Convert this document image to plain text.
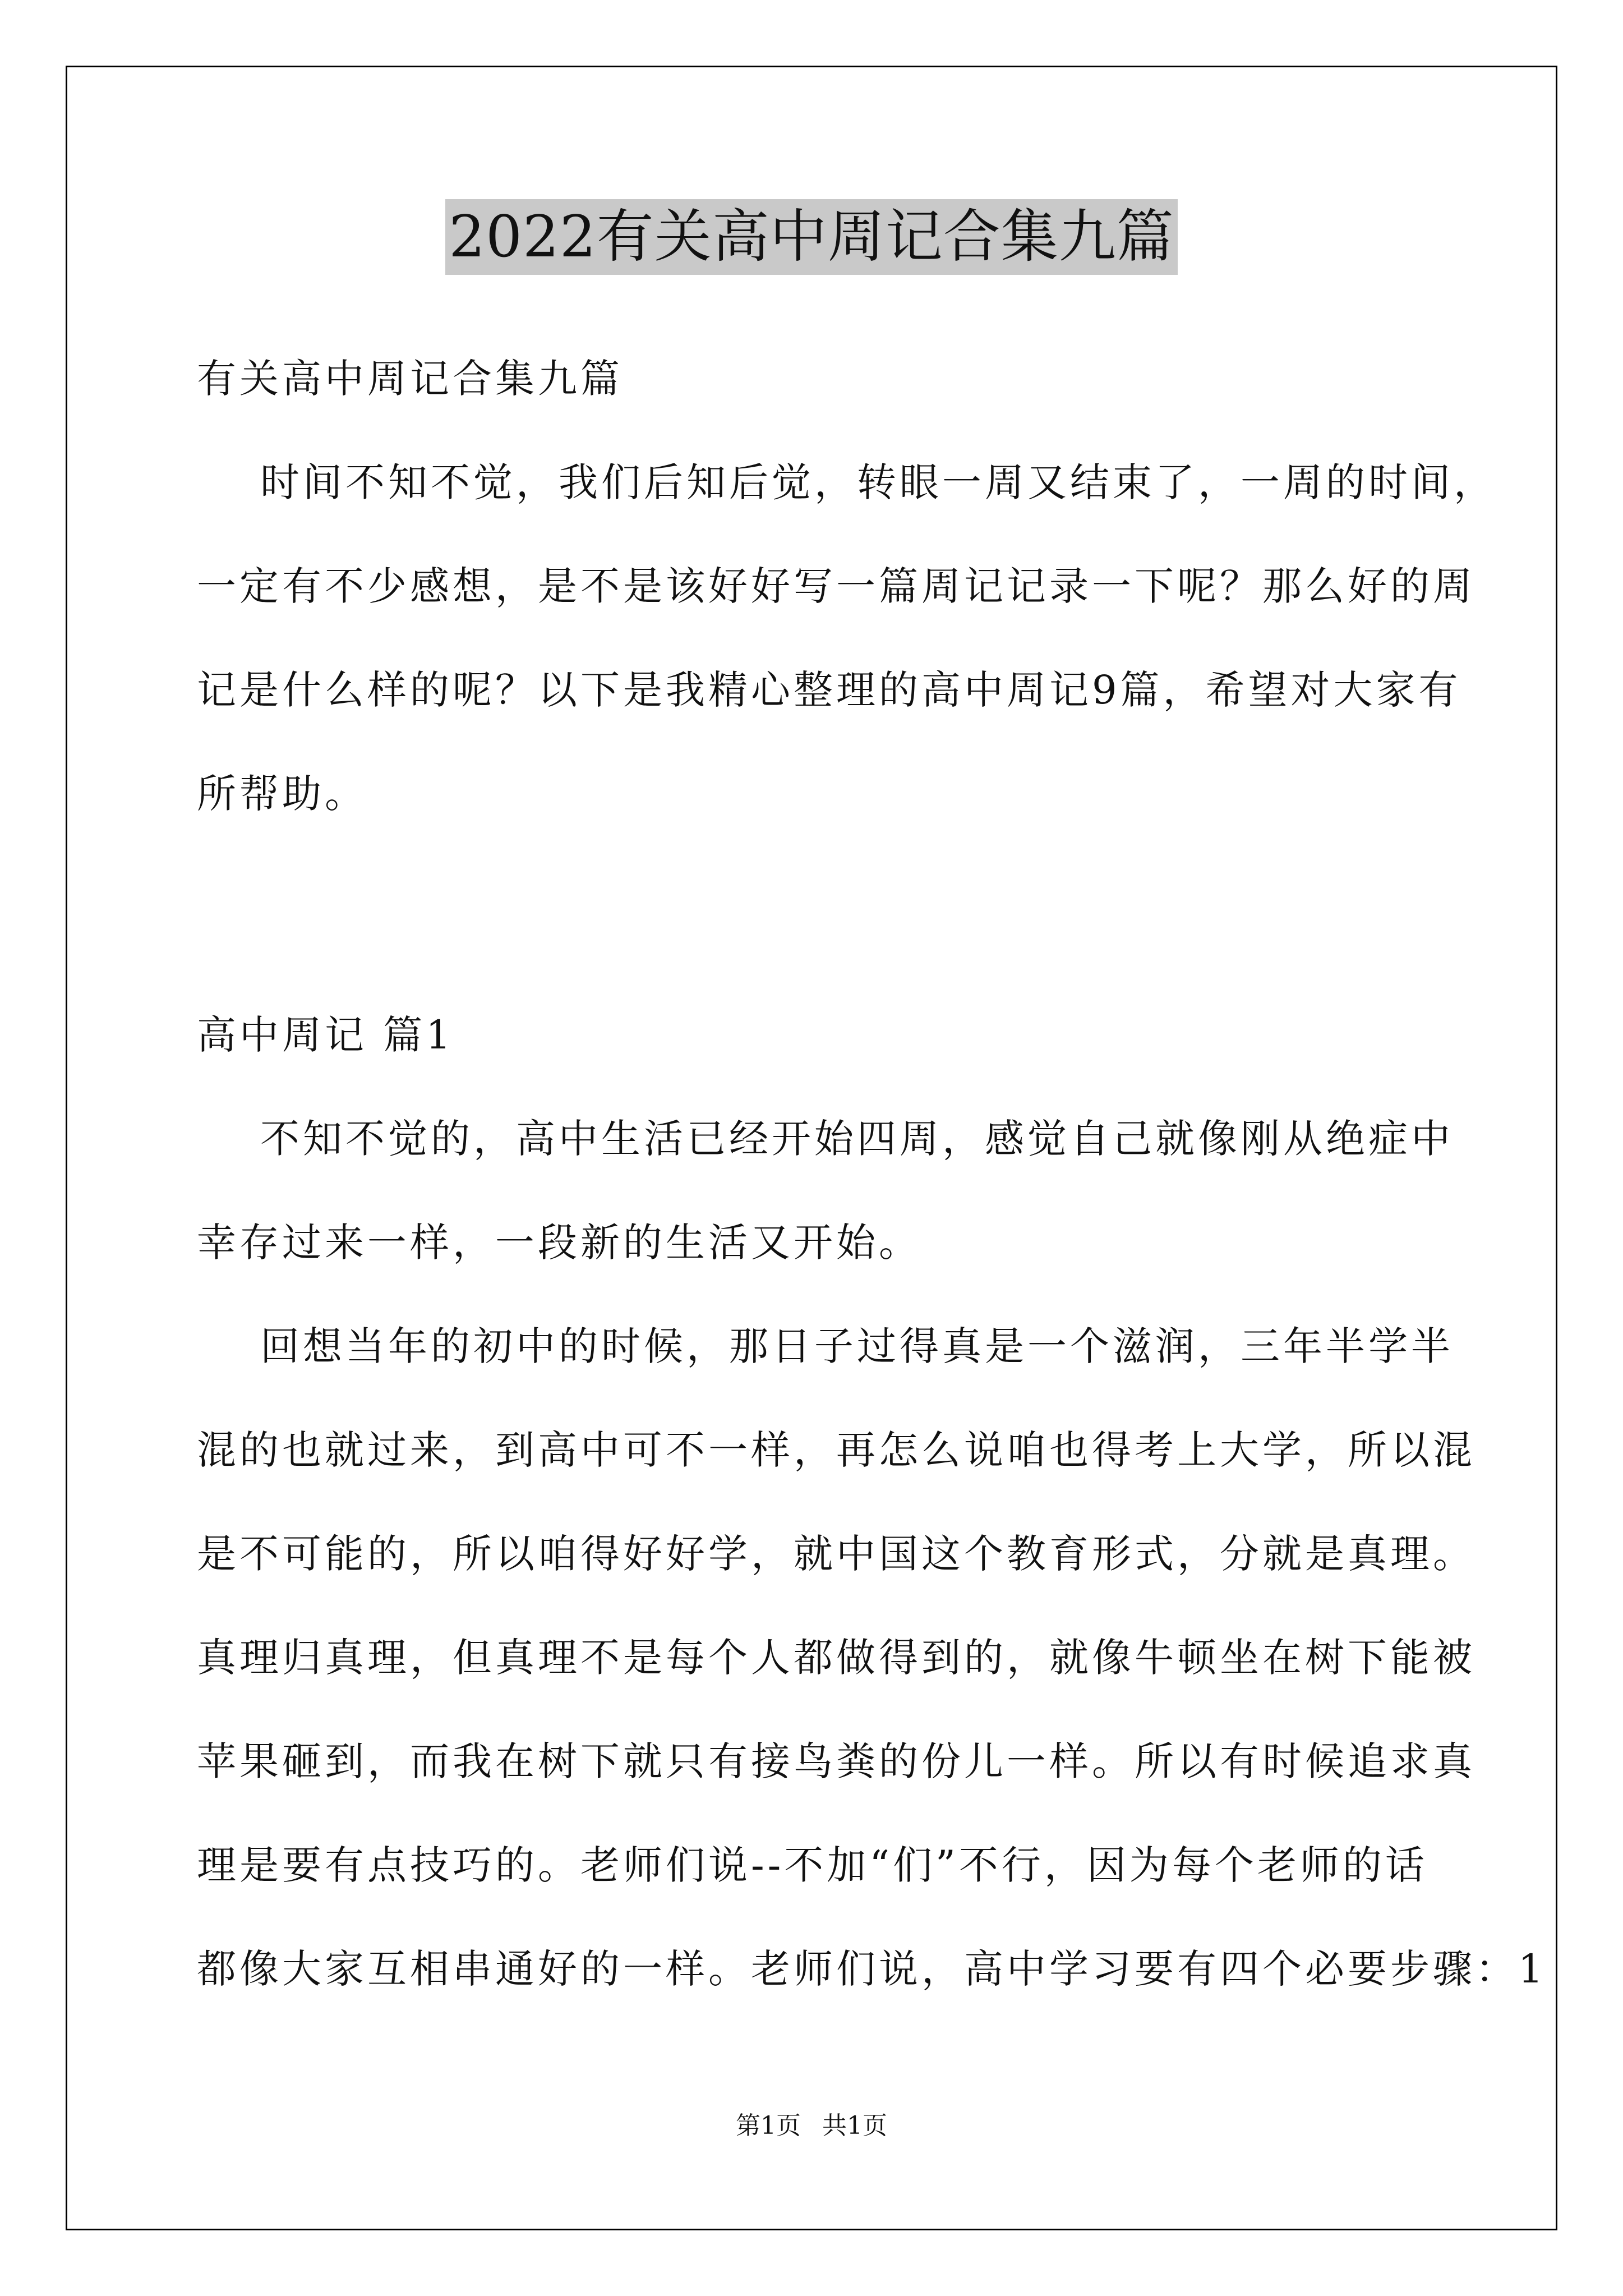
2022有关高中周记合集九篇
有关高中周记合集九篇
时间不知不觉，我们后知后觉，转眼一周又结束了，一周的时间，
一定有不少感想，是不是该好好写一篇周记记录一下呢？那么好的周
记是什么样的呢？以下是我精心整理的高中周记9篇，希望对大家有
所帮助。
高中周记 篇1
不知不觉的，高中生活已经开始四周，感觉自己就像刚从绝症中
幸存过来一样，一段新的生活又开始。
回想当年的初中的时候，那日子过得真是一个滋润，三年半学半
混的也就过来，到高中可不一样，再怎么说咱也得考上大学，所以混
是不可能的，所以咱得好好学，就中国这个教育形式，分就是真理。
真理归真理，但真理不是每个人都做得到的，就像牛顿坐在树下能被
苹果砸到，而我在树下就只有接鸟粪的份儿一样。所以有时候追求真
理是要有点技巧的。老师们说--不加“们”不行，因为每个老师的话
都像大家互相串通好的一样。老师们说，高中学习要有四个必要步骤：1
第1页 共1页
